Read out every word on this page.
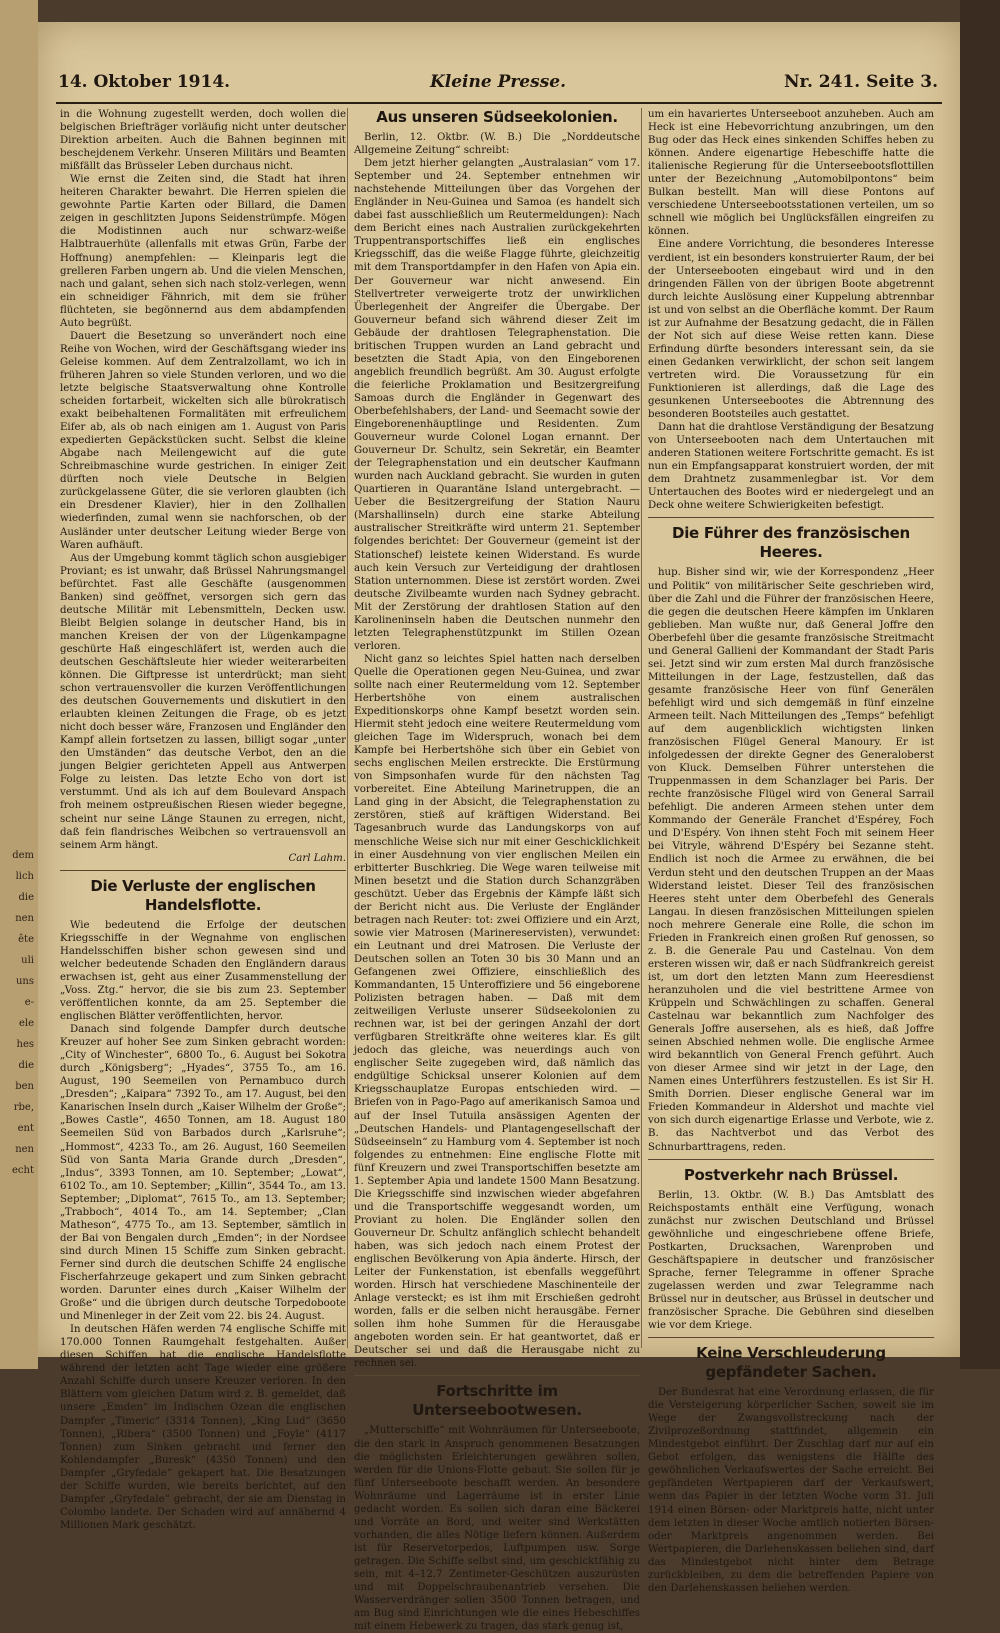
dem
lich
die
nen
ête
uli
uns
e-
ele
hes
die
ben
rbe,
ent
nen
echt
14. Oktober 1914.	Kleine Presse.	Nr. 241. Seite 3.

in die Wohnung zugestellt werden, doch wollen die belgischen Briefträger vorläufig nicht unter deutscher Direktion arbeiten. Auch die Bahnen beginnen mit beschejdenem Verkehr. Unseren Militärs und Beamten mißfällt das Brüsseler Leben durchaus nicht.

Wie ernst die Zeiten sind, die Stadt hat ihren heiteren Charakter bewahrt. Die Herren spielen die gewohnte Partie Karten oder Billard, die Damen zeigen in geschlitzten Jupons Seidenstrümpfe. Mögen die Modistinnen auch nur schwarz-weiße Halbtrauerhüte (allenfalls mit etwas Grün, Farbe der Hoffnung) anempfehlen: — Kleinparis legt die grelleren Farben ungern ab. Und die vielen Menschen, nach und galant, sehen sich nach stolz-verlegen, wenn ein schneidiger Fähnrich, mit dem sie früher flüchteten, sie begönnernd aus dem abdampfenden Auto begrüßt.

Dauert die Besetzung so unverändert noch eine Reihe von Wochen, wird der Geschäftsgang wieder ins Geleise kommen. Auf dem Zentralzollamt, wo ich in früheren Jahren so viele Stunden verloren, und wo die letzte belgische Staatsverwaltung ohne Kontrolle scheiden fortarbeit, wickelten sich alle bürokratisch exakt beibehaltenen Formalitäten mit erfreulichem Eifer ab, als ob nach einigen am 1. August von Paris expedierten Gepäckstücken sucht. Selbst die kleine Abgabe nach Meilengewicht auf die gute Schreibmaschine wurde gestrichen. In einiger Zeit dürften noch viele Deutsche in Belgien zurückgelassene Güter, die sie verloren glaubten (ich ein Dresdener Klavier), hier in den Zollhallen wiederfinden, zumal wenn sie nachforschen, ob der Ausländer unter deutscher Leitung wieder Berge von Waren aufhäuft.

Aus der Umgebung kommt täglich schon ausgiebiger Proviant; es ist unwahr, daß Brüssel Nahrungsmangel befürchtet. Fast alle Geschäfte (ausgenommen Banken) sind geöffnet, versorgen sich gern das deutsche Militär mit Lebensmitteln, Decken usw. Bleibt Belgien solange in deutscher Hand, bis in manchen Kreisen der von der Lügenkampagne geschürte Haß eingeschläfert ist, werden auch die deutschen Geschäftsleute hier wieder weiterarbeiten können. Die Giftpresse ist unterdrückt; man sieht schon vertrauensvoller die kurzen Veröffentlichungen des deutschen Gouvernements und diskutiert in den erlaubten kleinen Zeitungen die Frage, ob es jetzt nicht doch besser wäre, Franzosen und Engländer den Kampf allein fortsetzen zu lassen, billigt sogar „unter den Umständen“ das deutsche Verbot, den an die jungen Belgier gerichteten Appell aus Antwerpen Folge zu leisten. Das letzte Echo von dort ist verstummt. Und als ich auf dem Boulevard Anspach froh meinem ostpreußischen Riesen wieder begegne, scheint nur seine Länge Staunen zu erregen, nicht, daß fein flandrisches Weibchen so vertrauensvoll an seinem Arm hängt.

Carl Lahm.
Die Verluste der englischen Handelsflotte.

Wie bedeutend die Erfolge der deutschen Kriegsschiffe in der Wegnahme von englischen Handelsschiffen bisher schon gewesen sind und welcher bedeutende Schaden den Engländern daraus erwachsen ist, geht aus einer Zusammenstellung der „Voss. Ztg.“ hervor, die sie bis zum 23. September veröffentlichen konnte, da am 25. September die englischen Blätter veröffentlichten, hervor.

Danach sind folgende Dampfer durch deutsche Kreuzer auf hoher See zum Sinken gebracht worden: „City of Winchester“, 6800 To., 6. August bei Sokotra durch „Königsberg“; „Hyades“, 3755 To., am 16. August, 190 Seemeilen von Pernambuco durch „Dresden“; „Kaipara“ 7392 To., am 17. August, bei den Kanarischen Inseln durch „Kaiser Wilhelm der Große“; „Bowes Castle“, 4650 Tonnen, am 18. August 180 Seemeilen Süd von Barbados durch „Karlsruhe“; „Hommost“, 4233 To., am 26. August, 160 Seemeilen Süd von Santa Maria Grande durch „Dresden“, „Indus“, 3393 Tonnen, am 10. September; „Lowat“, 6102 To., am 10. September; „Killin“, 3544 To., am 13. September; „Diplomat“, 7615 To., am 13. September; „Trabboch“, 4014 To., am 14. September; „Clan Matheson“, 4775 To., am 13. September, sämtlich in der Bai von Bengalen durch „Emden“; in der Nordsee sind durch Minen 15 Schiffe zum Sinken gebracht. Ferner sind durch die deutschen Schiffe 24 englische Fischerfahrzeuge gekapert und zum Sinken gebracht worden. Darunter eines durch „Kaiser Wilhelm der Große“ und die übrigen durch deutsche Torpedoboote und Minenleger in der Zeit vom 22. bis 24. August.

In deutschen Häfen werden 74 englische Schiffe mit 170.000 Tonnen Raumgehalt festgehalten. Außer diesen Schiffen hat die englische Handelsflotte während der letzten acht Tage wieder eine größere Anzahl Schiffe durch unsere Kreuzer verloren. In den Blättern vom gleichen Datum wird z. B. gemeldet, daß unsere „Emden“ im Indischen Ozean die englischen Dampfer „Timeric“ (3314 Tonnen), „King Lud“ (3650 Tonnen), „Ribera“ (3500 Tonnen) und „Foyle“ (4117 Tonnen) zum Sinken gebracht und ferner den Kohlendampfer „Buresk“ (4350 Tonnen) und den Dampfer „Gryfedale“ gekapert hat. Die Besatzungen der Schiffe wurden, wie bereits berichtet, auf den Dampfer „Gryfedale“ gebracht, der sie am Dienstag in Colombo landete. Der Schaden wird auf annähernd 4 Millionen Mark geschätzt.

Aus unseren Südseekolonien.

Berlin, 12. Oktbr. (W. B.) Die „Norddeutsche Allgemeine Zeitung“ schreibt:

Dem jetzt hierher gelangten „Australasian“ vom 17. September und 24. September entnehmen wir nachstehende Mitteilungen über das Vorgehen der Engländer in Neu-Guinea und Samoa (es handelt sich dabei fast ausschließlich um Reutermeldungen): Nach dem Bericht eines nach Australien zurückgekehrten Truppentransportschiffes ließ ein englisches Kriegsschiff, das die weiße Flagge führte, gleichzeitig mit dem Transportdampfer in den Hafen von Apia ein. Der Gouverneur war nicht anwesend. Ein Stellvertreter verweigerte trotz der unwirklichen Überlegenheit der Angreifer die Übergabe. Der Gouverneur befand sich während dieser Zeit im Gebäude der drahtlosen Telegraphenstation. Die britischen Truppen wurden an Land gebracht und besetzten die Stadt Apia, von den Eingeborenen angeblich freundlich begrüßt. Am 30. August erfolgte die feierliche Proklamation und Besitzergreifung Samoas durch die Engländer in Gegenwart des Oberbefehlshabers, der Land- und Seemacht sowie der Eingeborenenhäuptlinge und Residenten. Zum Gouverneur wurde Colonel Logan ernannt. Der Gouverneur Dr. Schultz, sein Sekretär, ein Beamter der Telegraphenstation und ein deutscher Kaufmann wurden nach Auckland gebracht. Sie wurden in guten Quartieren in Quarantäne Island untergebracht. — Ueber die Besitzergreifung der Station Nauru (Marshallinseln) durch eine starke Abteilung australischer Streitkräfte wird unterm 21. September folgendes berichtet: Der Gouverneur (gemeint ist der Stationschef) leistete keinen Widerstand. Es wurde auch kein Versuch zur Verteidigung der drahtlosen Station unternommen. Diese ist zerstört worden. Zwei deutsche Zivilbeamte wurden nach Sydney gebracht. Mit der Zerstörung der drahtlosen Station auf den Karolineninseln haben die Deutschen nunmehr den letzten Telegraphenstützpunkt im Stillen Ozean verloren.

Nicht ganz so leichtes Spiel hatten nach derselben Quelle die Operationen gegen Neu-Guinea, und zwar sollte nach einer Reutermeldung vom 12. September Herbertshöhe von einem australischen Expeditionskorps ohne Kampf besetzt worden sein. Hiermit steht jedoch eine weitere Reutermeldung vom gleichen Tage im Widerspruch, wonach bei dem Kampfe bei Herbertshöhe sich über ein Gebiet von sechs englischen Meilen erstreckte. Die Erstürmung von Simpsonhafen wurde für den nächsten Tag vorbereitet. Eine Abteilung Marinetruppen, die an Land ging in der Absicht, die Telegraphenstation zu zerstören, stieß auf kräftigen Widerstand. Bei Tagesanbruch wurde das Landungskorps von auf menschliche Weise sich nur mit einer Geschicklichkeit in einer Ausdehnung von vier englischen Meilen ein erbitterter Buschkrieg. Die Wege waren teilweise mit Minen besetzt und die Station durch Schanzgräben geschützt. Ueber das Ergebnis der Kämpfe läßt sich der Bericht nicht aus. Die Verluste der Engländer betragen nach Reuter: tot: zwei Offiziere und ein Arzt, sowie vier Matrosen (Marinereservisten), verwundet: ein Leutnant und drei Matrosen. Die Verluste der Deutschen sollen an Toten 30 bis 30 Mann und an Gefangenen zwei Offiziere, einschließlich des Kommandanten, 15 Unteroffiziere und 56 eingeborene Polizisten betragen haben. — Daß mit dem zeitweiligen Verluste unserer Südseekolonien zu rechnen war, ist bei der geringen Anzahl der dort verfügbaren Streitkräfte ohne weiteres klar. Es gilt jedoch das gleiche, was neuerdings auch von englischer Seite zugegeben wird, daß nämlich das endgültige Schicksal unserer Kolonien auf dem Kriegsschauplatze Europas entschieden wird. — Briefen von in Pago-Pago auf amerikanisch Samoa und auf der Insel Tutuila ansässigen Agenten der „Deutschen Handels- und Plantagengesellschaft der Südseeinseln“ zu Hamburg vom 4. September ist noch folgendes zu entnehmen: Eine englische Flotte mit fünf Kreuzern und zwei Transportschiffen besetzte am 1. September Apia und landete 1500 Mann Besatzung. Die Kriegsschiffe sind inzwischen wieder abgefahren und die Transportschiffe weggesandt worden, um Proviant zu holen. Die Engländer sollen den Gouverneur Dr. Schultz anfänglich schlecht behandelt haben, was sich jedoch nach einem Protest der englischen Bevölkerung von Apia änderte. Hirsch, der Leiter der Funkenstation, ist ebenfalls weggeführt worden. Hirsch hat verschiedene Maschinenteile der Anlage versteckt; es ist ihm mit Erschießen gedroht worden, falls er die selben nicht herausgäbe. Ferner sollen ihm hohe Summen für die Herausgabe angeboten worden sein. Er hat geantwortet, daß er Deutscher sei und daß die Herausgabe nicht zu rechnen sei.

Fortschritte im Unterseebootwesen.

„Mutterschiffe“ mit Wohnräumen für Unterseeboote, die den stark in Anspruch genommenen Besatzungen die möglichsten Erleichterungen gewähren sollen, werden für die Unions-Flotte gebaut. Sie sollen für je fünf Unterseeboote beschafft werden. An besondere Wohnräume und Lagerräume ist in erster Linie gedacht worden. Es sollen sich daran eine Bäckerei und Vorräte an Bord, und weiter sind Werkstätten vorhanden, die alles Nötige liefern können. Außerdem ist für Reservetorpedos, Luftpumpen usw. Sorge getragen. Die Schiffe selbst sind, um geschicktfähig zu sein, mit 4–12.7 Zentimeter-Geschützen auszurüsten und mit Doppelschraubenantrieb versehen. Die Wasserverdränger sollen 3500 Tonnen betragen, und am Bug sind Einrichtungen wie die eines Hebeschiffes mit einem Hebewerk zu tragen, das stark genug ist,

um ein havariertes Unterseeboot anzuheben. Auch am Heck ist eine Hebevorrichtung anzubringen, um den Bug oder das Heck eines sinkenden Schiffes heben zu können. Andere eigenartige Hebeschiffe hatte die italienische Regierung für die Unterseebootsflottillen unter der Bezeichnung „Automobilpontons“ beim Bulkan bestellt. Man will diese Pontons auf verschiedene Unterseebootsstationen verteilen, um so schnell wie möglich bei Unglücksfällen eingreifen zu können.

Eine andere Vorrichtung, die besonderes Interesse verdient, ist ein besonders konstruierter Raum, der bei der Unterseebooten eingebaut wird und in den dringenden Fällen von der übrigen Boote abgetrennt durch leichte Auslösung einer Kuppelung abtrennbar ist und von selbst an die Oberfläche kommt. Der Raum ist zur Aufnahme der Besatzung gedacht, die in Fällen der Not sich auf diese Weise retten kann. Diese Erfindung dürfte besonders interessant sein, da sie einen Gedanken verwirklicht, der schon seit langem vertreten wird. Die Voraussetzung für ein Funktionieren ist allerdings, daß die Lage des gesunkenen Unterseebootes die Abtrennung des besonderen Bootsteiles auch gestattet.

Dann hat die drahtlose Verständigung der Besatzung von Unterseebooten nach dem Untertauchen mit anderen Stationen weitere Fortschritte gemacht. Es ist nun ein Empfangsapparat konstruiert worden, der mit dem Drahtnetz zusammenlegbar ist. Vor dem Untertauchen des Bootes wird er niedergelegt und an Deck ohne weitere Schwierigkeiten befestigt.

Die Führer des französischen Heeres.

hup. Bisher sind wir, wie der Korrespondenz „Heer und Politik“ von militärischer Seite geschrieben wird, über die Zahl und die Führer der französischen Heere, die gegen die deutschen Heere kämpfen im Unklaren geblieben. Man wußte nur, daß General Joffre den Oberbefehl über die gesamte französische Streitmacht und General Gallieni der Kommandant der Stadt Paris sei. Jetzt sind wir zum ersten Mal durch französische Mitteilungen in der Lage, festzustellen, daß das gesamte französische Heer von fünf Generälen befehligt wird und sich demgemäß in fünf einzelne Armeen teilt. Nach Mitteilungen des „Temps“ befehligt auf dem augenblicklich wichtigsten linken französischen Flügel General Manoury. Er ist infolgedessen der direkte Gegner des Generaloberst von Kluck. Demselben Führer unterstehen die Truppenmassen in dem Schanzlager bei Paris. Der rechte französische Flügel wird von General Sarrail befehligt. Die anderen Armeen stehen unter dem Kommando der Generäle Franchet d'Espérey, Foch und D'Espéry. Von ihnen steht Foch mit seinem Heer bei Vitryle, während D'Espéry bei Sezanne steht. Endlich ist noch die Armee zu erwähnen, die bei Verdun steht und den deutschen Truppen an der Maas Widerstand leistet. Dieser Teil des französischen Heeres steht unter dem Oberbefehl des Generals Langau. In diesen französischen Mitteilungen spielen noch mehrere Generale eine Rolle, die schon im Frieden in Frankreich einen großen Ruf genossen, so z. B. die Generale Pau und Castelnau. Von dem ersteren wissen wir, daß er nach Südfrankreich gereist ist, um dort den letzten Mann zum Heeresdienst heranzuholen und die viel bestrittene Armee von Krüppeln und Schwächlingen zu schaffen. General Castelnau war bekanntlich zum Nachfolger des Generals Joffre ausersehen, als es hieß, daß Joffre seinen Abschied nehmen wolle. Die englische Armee wird bekanntlich von General French geführt. Auch von dieser Armee sind wir jetzt in der Lage, den Namen eines Unterführers festzustellen. Es ist Sir H. Smith Dorrien. Dieser englische General war im Frieden Kommandeur in Aldershot und machte viel von sich durch eigenartige Erlasse und Verbote, wie z. B. das Nachtverbot und das Verbot des Schnurbarttragens, reden.

Postverkehr nach Brüssel.

Berlin, 13. Oktbr. (W. B.) Das Amtsblatt des Reichspostamts enthält eine Verfügung, wonach zunächst nur zwischen Deutschland und Brüssel gewöhnliche und eingeschriebene offene Briefe, Postkarten, Drucksachen, Warenproben und Geschäftspapiere in deutscher und französischer Sprache, ferner Telegramme in offener Sprache zugelassen werden und zwar Telegramme nach Brüssel nur in deutscher, aus Brüssel in deutscher und französischer Sprache. Die Gebühren sind dieselben wie vor dem Kriege.

Keine Verschleuderung gepfändeter Sachen.

Der Bundesrat hat eine Verordnung erlassen, die für die Versteigerung körperlicher Sachen, soweit sie im Wege der Zwangsvollstreckung nach der Zivilprozeßordnung stattfindet, allgemein ein Mindestgebot einführt. Der Zuschlag darf nur auf ein Gebot erfolgen, das wenigstens die Hälfte des gewöhnlichen Verkaufswertes der Sache erreicht. Bei gepfändeten Wertpapieren darf der Verkaufswert, wenn das Papier in der letzten Woche vorm 31. Juli 1914 einen Börsen- oder Marktpreis hatte, nicht unter dem letzten in dieser Woche amtlich notierten Börsen- oder Marktpreis angenommen werden. Bei Wertpapieren, die Darlehenskassen beliehen sind, darf das Mindestgebot nicht hinter dem Betrage zurückbleiben, zu dem die betreffenden Papiere von den Darlehenskassen beliehen werden.
